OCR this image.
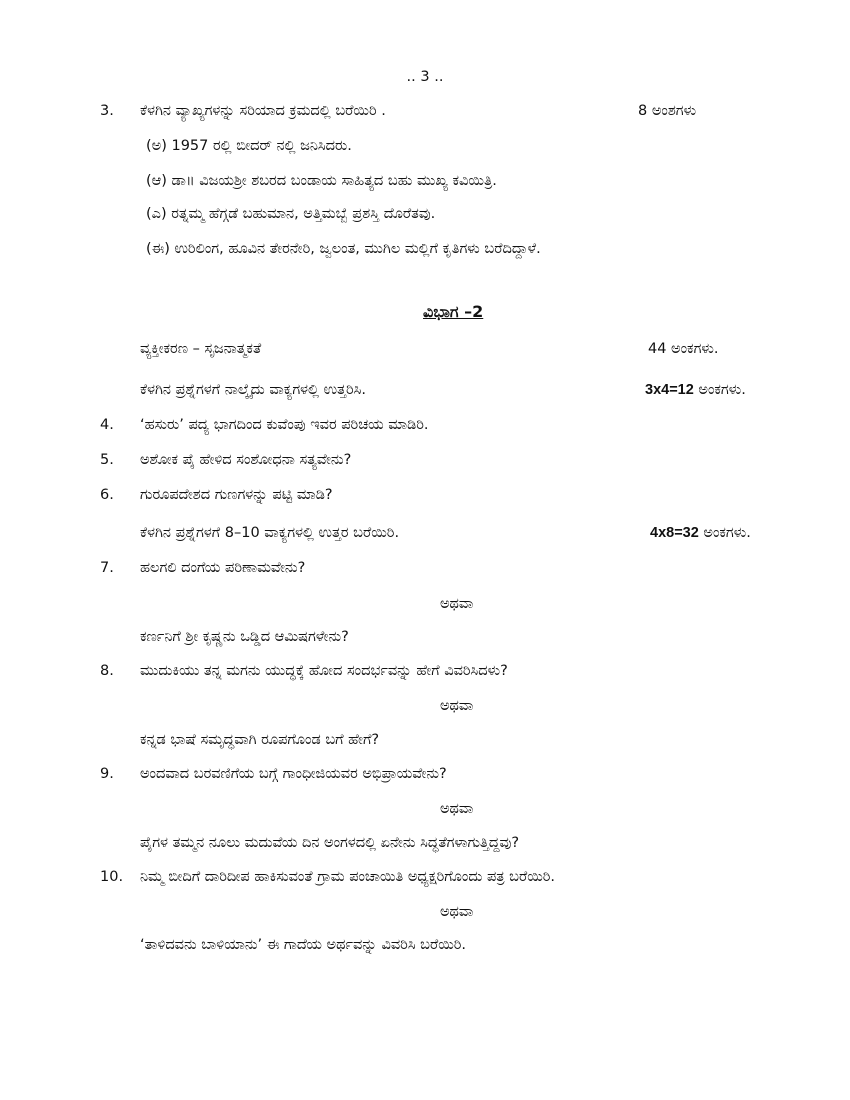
.. 3 ..
3.	ಕೆಳಗಿನ ವ್ಯಾಖ್ಯಗಳನ್ನು ಸರಿಯಾದ ಕ್ರಮದಲ್ಲಿ ಬರೆಯಿರಿ .	8 ಅಂಶಗಳು
(ಅ) 1957 ರಲ್ಲಿ ಬೀದರ್ ನಲ್ಲಿ ಜನಿಸಿದರು.
(ಆ) ಡಾ॥ ವಿಜಯಶ್ರೀ ಶಬರದ ಬಂಡಾಯ ಸಾಹಿತ್ಯದ ಬಹು ಮುಖ್ಯ ಕವಿಯಿತ್ರಿ.
(ಎ) ರತ್ನಮ್ಮ ಹೆಗ್ಗಡೆ ಬಹುಮಾನ, ಅತ್ತಿಮಬ್ಬೆ ಪ್ರಶಸ್ತಿ ದೊರೆತವು.
(ಈ) ಉರಿಲಿಂಗ, ಹೂವಿನ ತೇರನೇರಿ, ಜ್ವಲಂತ, ಮುಗಿಲ ಮಲ್ಲಿಗೆ ಕೃತಿಗಳು ಬರೆದಿದ್ದಾಳೆ.
ವಿಭಾಗ –2
ವ್ಯಕ್ತೀಕರಣ – ಸೃಜನಾತ್ಮಕತೆ	44 ಅಂಕಗಳು.
ಕೆಳಗಿನ ಪ್ರಶ್ನೆಗಳಗೆ ನಾಲ್ಕೈದು ವಾಕ್ಯಗಳಲ್ಲಿ ಉತ್ತರಿಸಿ.	3x4=12 ಅಂಕಗಳು.
4.	‘ಹಸುರು’ ಪದ್ಯ ಭಾಗದಿಂದ ಕುವೆಂಪು ಇವರ ಪರಿಚಯ ಮಾಡಿರಿ.
5.	ಅಶೋಕ ಪೈ ಹೇಳಿದ ಸಂಶೋಧನಾ ಸತ್ಯವೇನು?
6.	ಗುರೂಪದೇಶದ ಗುಣಗಳನ್ನು ಪಟ್ಟಿ ಮಾಡಿ?
ಕೆಳಗಿನ ಪ್ರಶ್ನೆಗಳಗೆ 8–10 ವಾಕ್ಯಗಳಲ್ಲಿ ಉತ್ತರ ಬರೆಯಿರಿ.	4x8=32 ಅಂಕಗಳು.
7.	ಹಲಗಲಿ ದಂಗೆಯ ಪರಿಣಾಮವೇನು?
ಅಥವಾ
ಕರ್ಣನಿಗೆ ಶ್ರೀ ಕೃಷ್ಣನು ಒಡ್ಡಿದ ಆಮಿಷಗಳೇನು?
8.	ಮುದುಕಿಯು ತನ್ನ ಮಗನು ಯುದ್ಧಕ್ಕೆ ಹೋದ ಸಂದರ್ಭವನ್ನು ಹೇಗೆ ವಿವರಿಸಿದಳು?
ಅಥವಾ
ಕನ್ನಡ ಭಾಷೆ ಸಮೃದ್ಧವಾಗಿ ರೂಪಗೊಂಡ ಬಗೆ ಹೇಗೆ?
9.	ಅಂದವಾದ ಬರವಣಿಗೆಯ ಬಗ್ಗೆ ಗಾಂಧೀಜಿಯವರ ಅಭಿಪ್ರಾಯವೇನು?
ಅಥವಾ
ಪೈಗಳ ತಮ್ಮನ ನೂಲು ಮದುವೆಯ ದಿನ ಅಂಗಳದಲ್ಲಿ ಏನೇನು ಸಿದ್ಧತೆಗಳಾಗುತ್ತಿದ್ದವು?
10.	ನಿಮ್ಮ ಬೀದಿಗೆ ದಾರಿದೀಪ ಹಾಕಿಸುವಂತೆ ಗ್ರಾಮ ಪಂಚಾಯಿತಿ ಅಧ್ಯಕ್ಷರಿಗೊಂದು ಪತ್ರ ಬರೆಯಿರಿ.
ಅಥವಾ
‘ತಾಳಿದವನು ಬಾಳಿಯಾನು’ ಈ ಗಾದೆಯ ಅರ್ಥವನ್ನು ವಿವರಿಸಿ ಬರೆಯಿರಿ.
